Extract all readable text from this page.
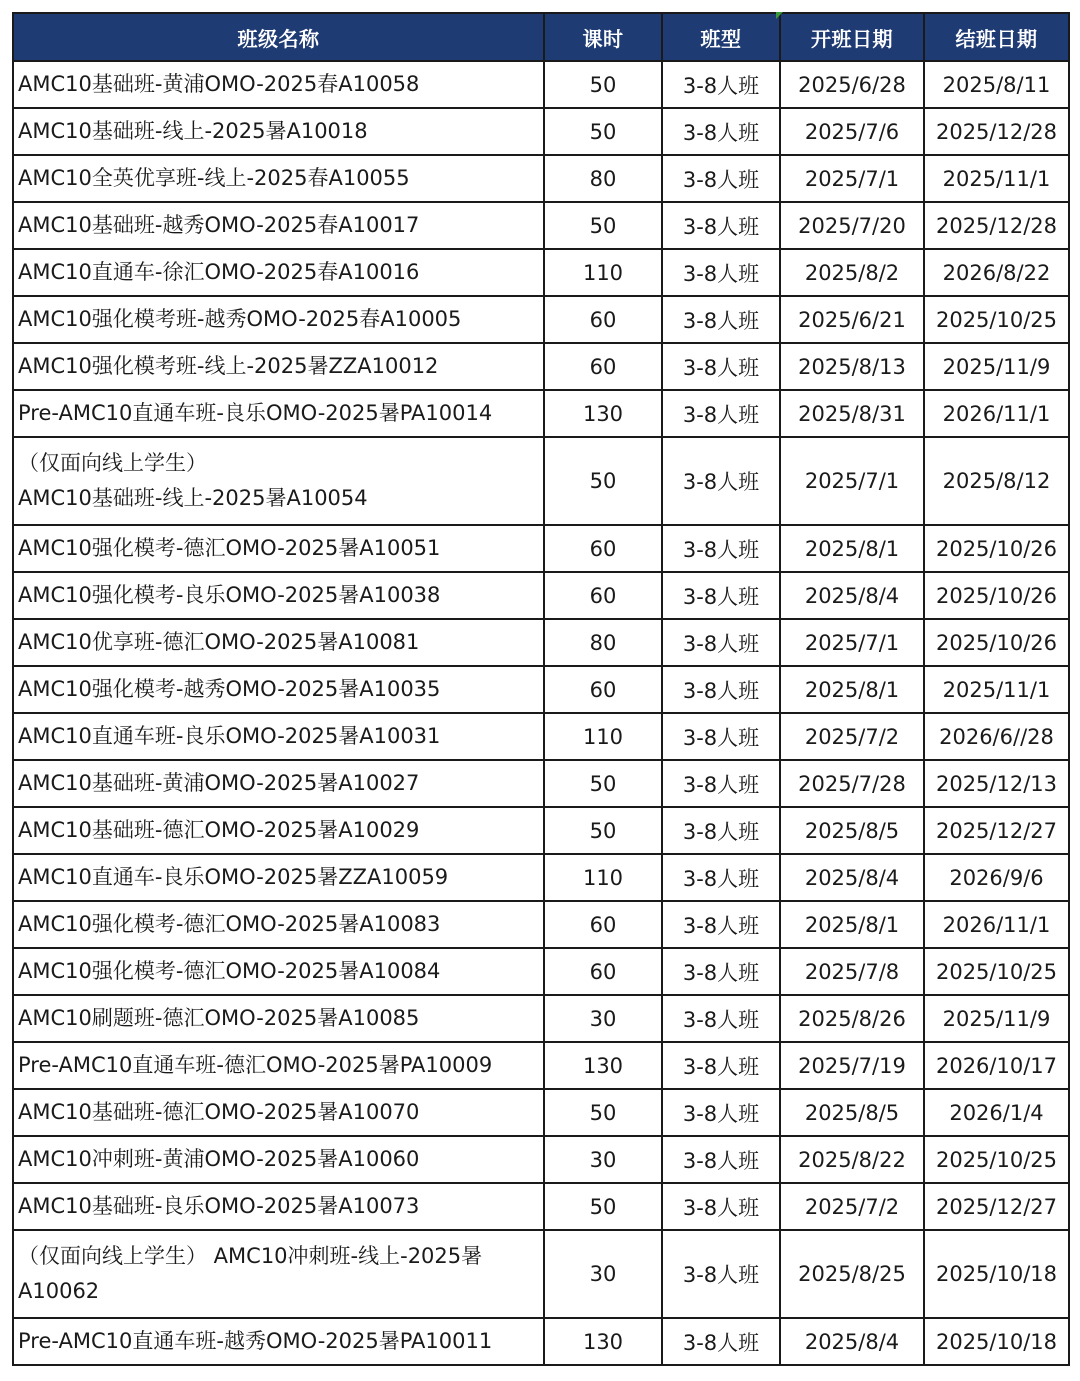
班级名称	课时	班型	开班日期	结班日期
AMC10基础班-黄浦OMO-2025春A10058	50	3-8人班	2025/6/28	2025/8/11
AMC10基础班-线上-2025暑A10018	50	3-8人班	2025/7/6	2025/12/28
AMC10全英优享班-线上-2025春A10055	80	3-8人班	2025/7/1	2025/11/1
AMC10基础班-越秀OMO-2025春A10017	50	3-8人班	2025/7/20	2025/12/28
AMC10直通车-徐汇OMO-2025春A10016	110	3-8人班	2025/8/2	2026/8/22
AMC10强化模考班-越秀OMO-2025春A10005	60	3-8人班	2025/6/21	2025/10/25
AMC10强化模考班-线上-2025暑ZZA10012	60	3-8人班	2025/8/13	2025/11/9
Pre-AMC10直通车班-良乐OMO-2025暑PA10014	130	3-8人班	2025/8/31	2026/11/1
（仅面向线上学生）
AMC10基础班-线上-2025暑A10054	50	3-8人班	2025/7/1	2025/8/12
AMC10强化模考-德汇OMO-2025暑A10051	60	3-8人班	2025/8/1	2025/10/26
AMC10强化模考-良乐OMO-2025暑A10038	60	3-8人班	2025/8/4	2025/10/26
AMC10优享班-德汇OMO-2025暑A10081	80	3-8人班	2025/7/1	2025/10/26
AMC10强化模考-越秀OMO-2025暑A10035	60	3-8人班	2025/8/1	2025/11/1
AMC10直通车班-良乐OMO-2025暑A10031	110	3-8人班	2025/7/2	2026/6//28
AMC10基础班-黄浦OMO-2025暑A10027	50	3-8人班	2025/7/28	2025/12/13
AMC10基础班-德汇OMO-2025暑A10029	50	3-8人班	2025/8/5	2025/12/27
AMC10直通车-良乐OMO-2025暑ZZA10059	110	3-8人班	2025/8/4	2026/9/6
AMC10强化模考-德汇OMO-2025暑A10083	60	3-8人班	2025/8/1	2026/11/1
AMC10强化模考-德汇OMO-2025暑A10084	60	3-8人班	2025/7/8	2025/10/25
AMC10刷题班-德汇OMO-2025暑A10085	30	3-8人班	2025/8/26	2025/11/9
Pre-AMC10直通车班-德汇OMO-2025暑PA10009	130	3-8人班	2025/7/19	2026/10/17
AMC10基础班-德汇OMO-2025暑A10070	50	3-8人班	2025/8/5	2026/1/4
AMC10冲刺班-黄浦OMO-2025暑A10060	30	3-8人班	2025/8/22	2025/10/25
AMC10基础班-良乐OMO-2025暑A10073	50	3-8人班	2025/7/2	2025/12/27
（仅面向线上学生） AMC10冲刺班-线上-2025暑A10062	30	3-8人班	2025/8/25	2025/10/18
Pre-AMC10直通车班-越秀OMO-2025暑PA10011	130	3-8人班	2025/8/4	2025/10/18
